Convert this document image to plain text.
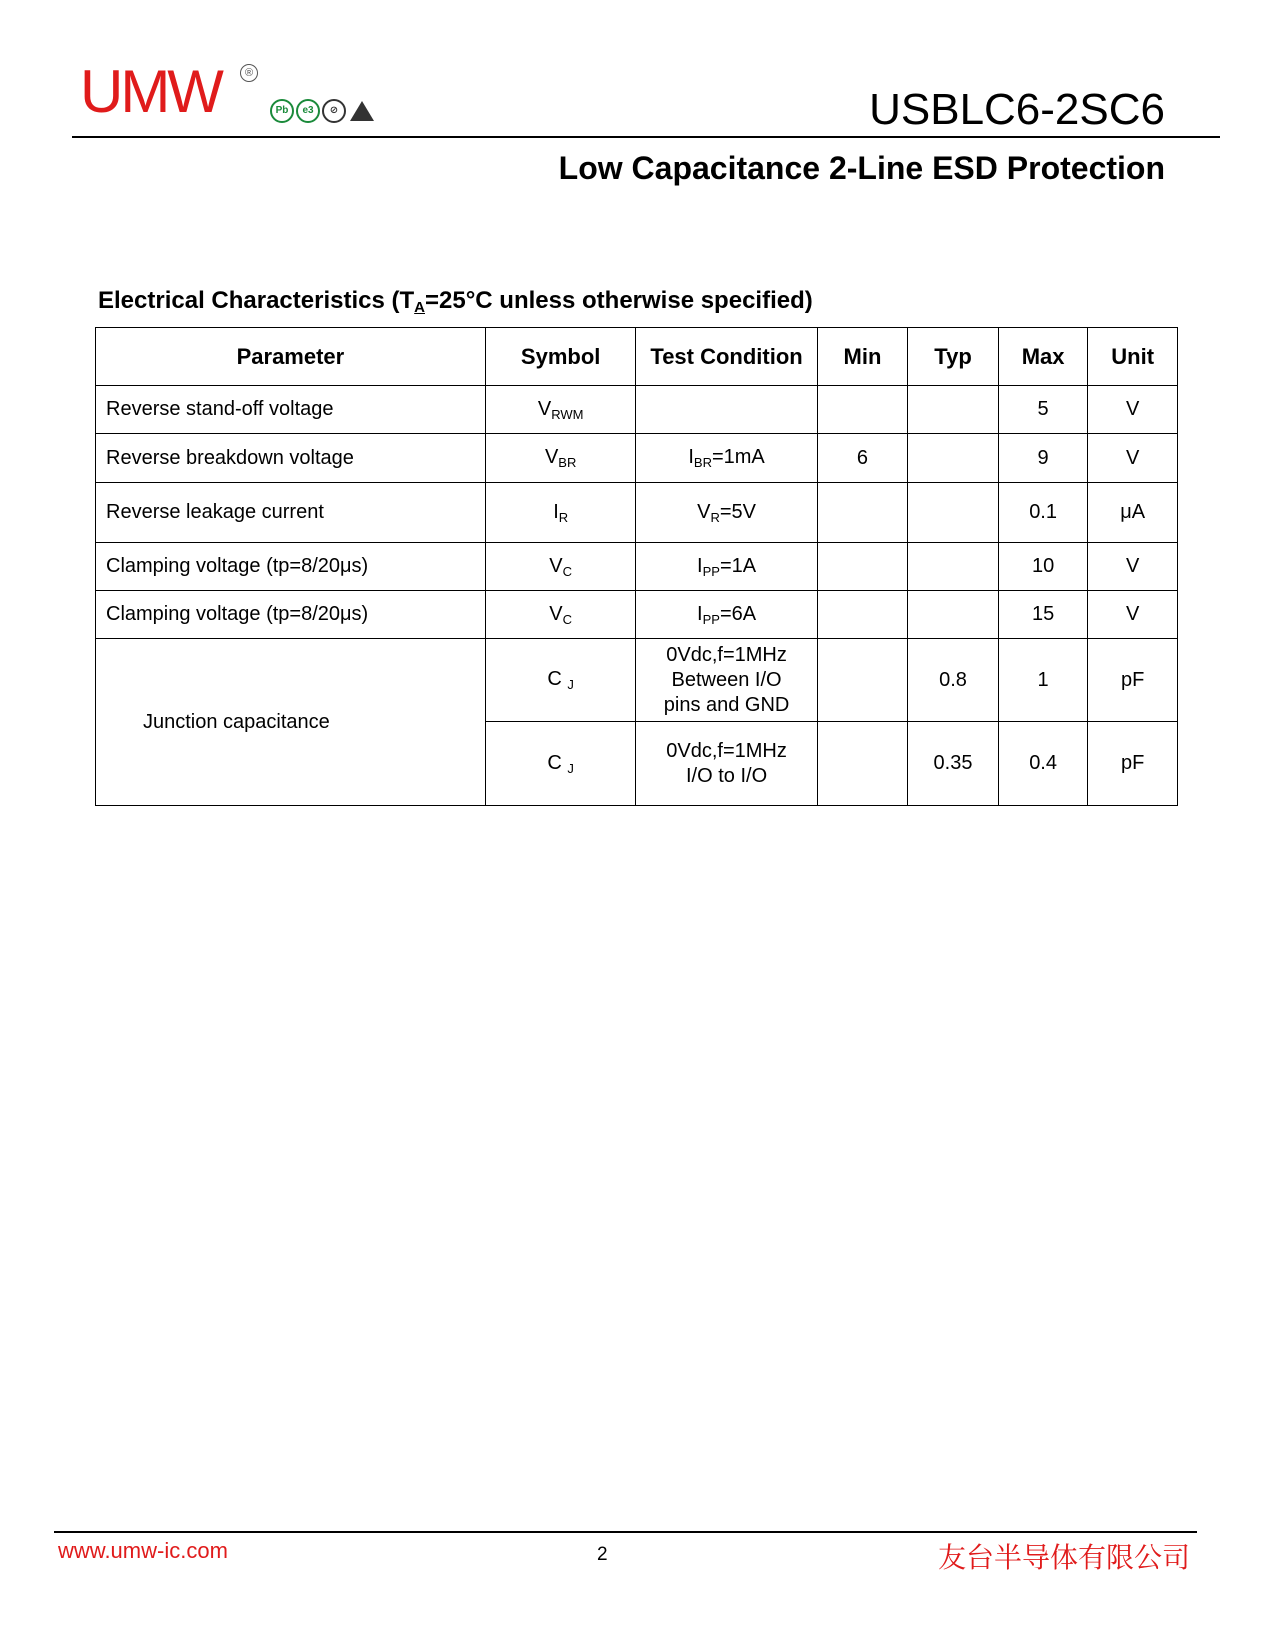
UMW	®
Pb	e3	⊘	USBLC6-2SC6
Low Capacitance 2-Line ESD Protection
Electrical Characteristics ($T_A=25^\circ C$ unless otherwise specified)
Parameter	Symbol	Test Condition	Min	Typ	Max	Unit
Reverse stand-off voltage	$V_{RWM}$				5	V
Reverse breakdown voltage	$V_{BR}$	$I_{BR}=1mA$	6		9	V
Reverse leakage current	$I_R$	$V_R=5V$			0.1	μA
Clamping voltage (tp=8/20μs)	$V_C$	$I_{PP}=1A$			10	V
Clamping voltage (tp=8/20μs)	$V_C$	$I_{PP}=6A$			15	V
Junction capacitance	C $_J$	0Vdc,f=1MHz
Between I/O
pins and GND		0.8	1	pF
	C $_J$	0Vdc,f=1MHz
I/O to I/O		0.35	0.4	pF
www.umw-ic.com	2	友台半导体有限公司
